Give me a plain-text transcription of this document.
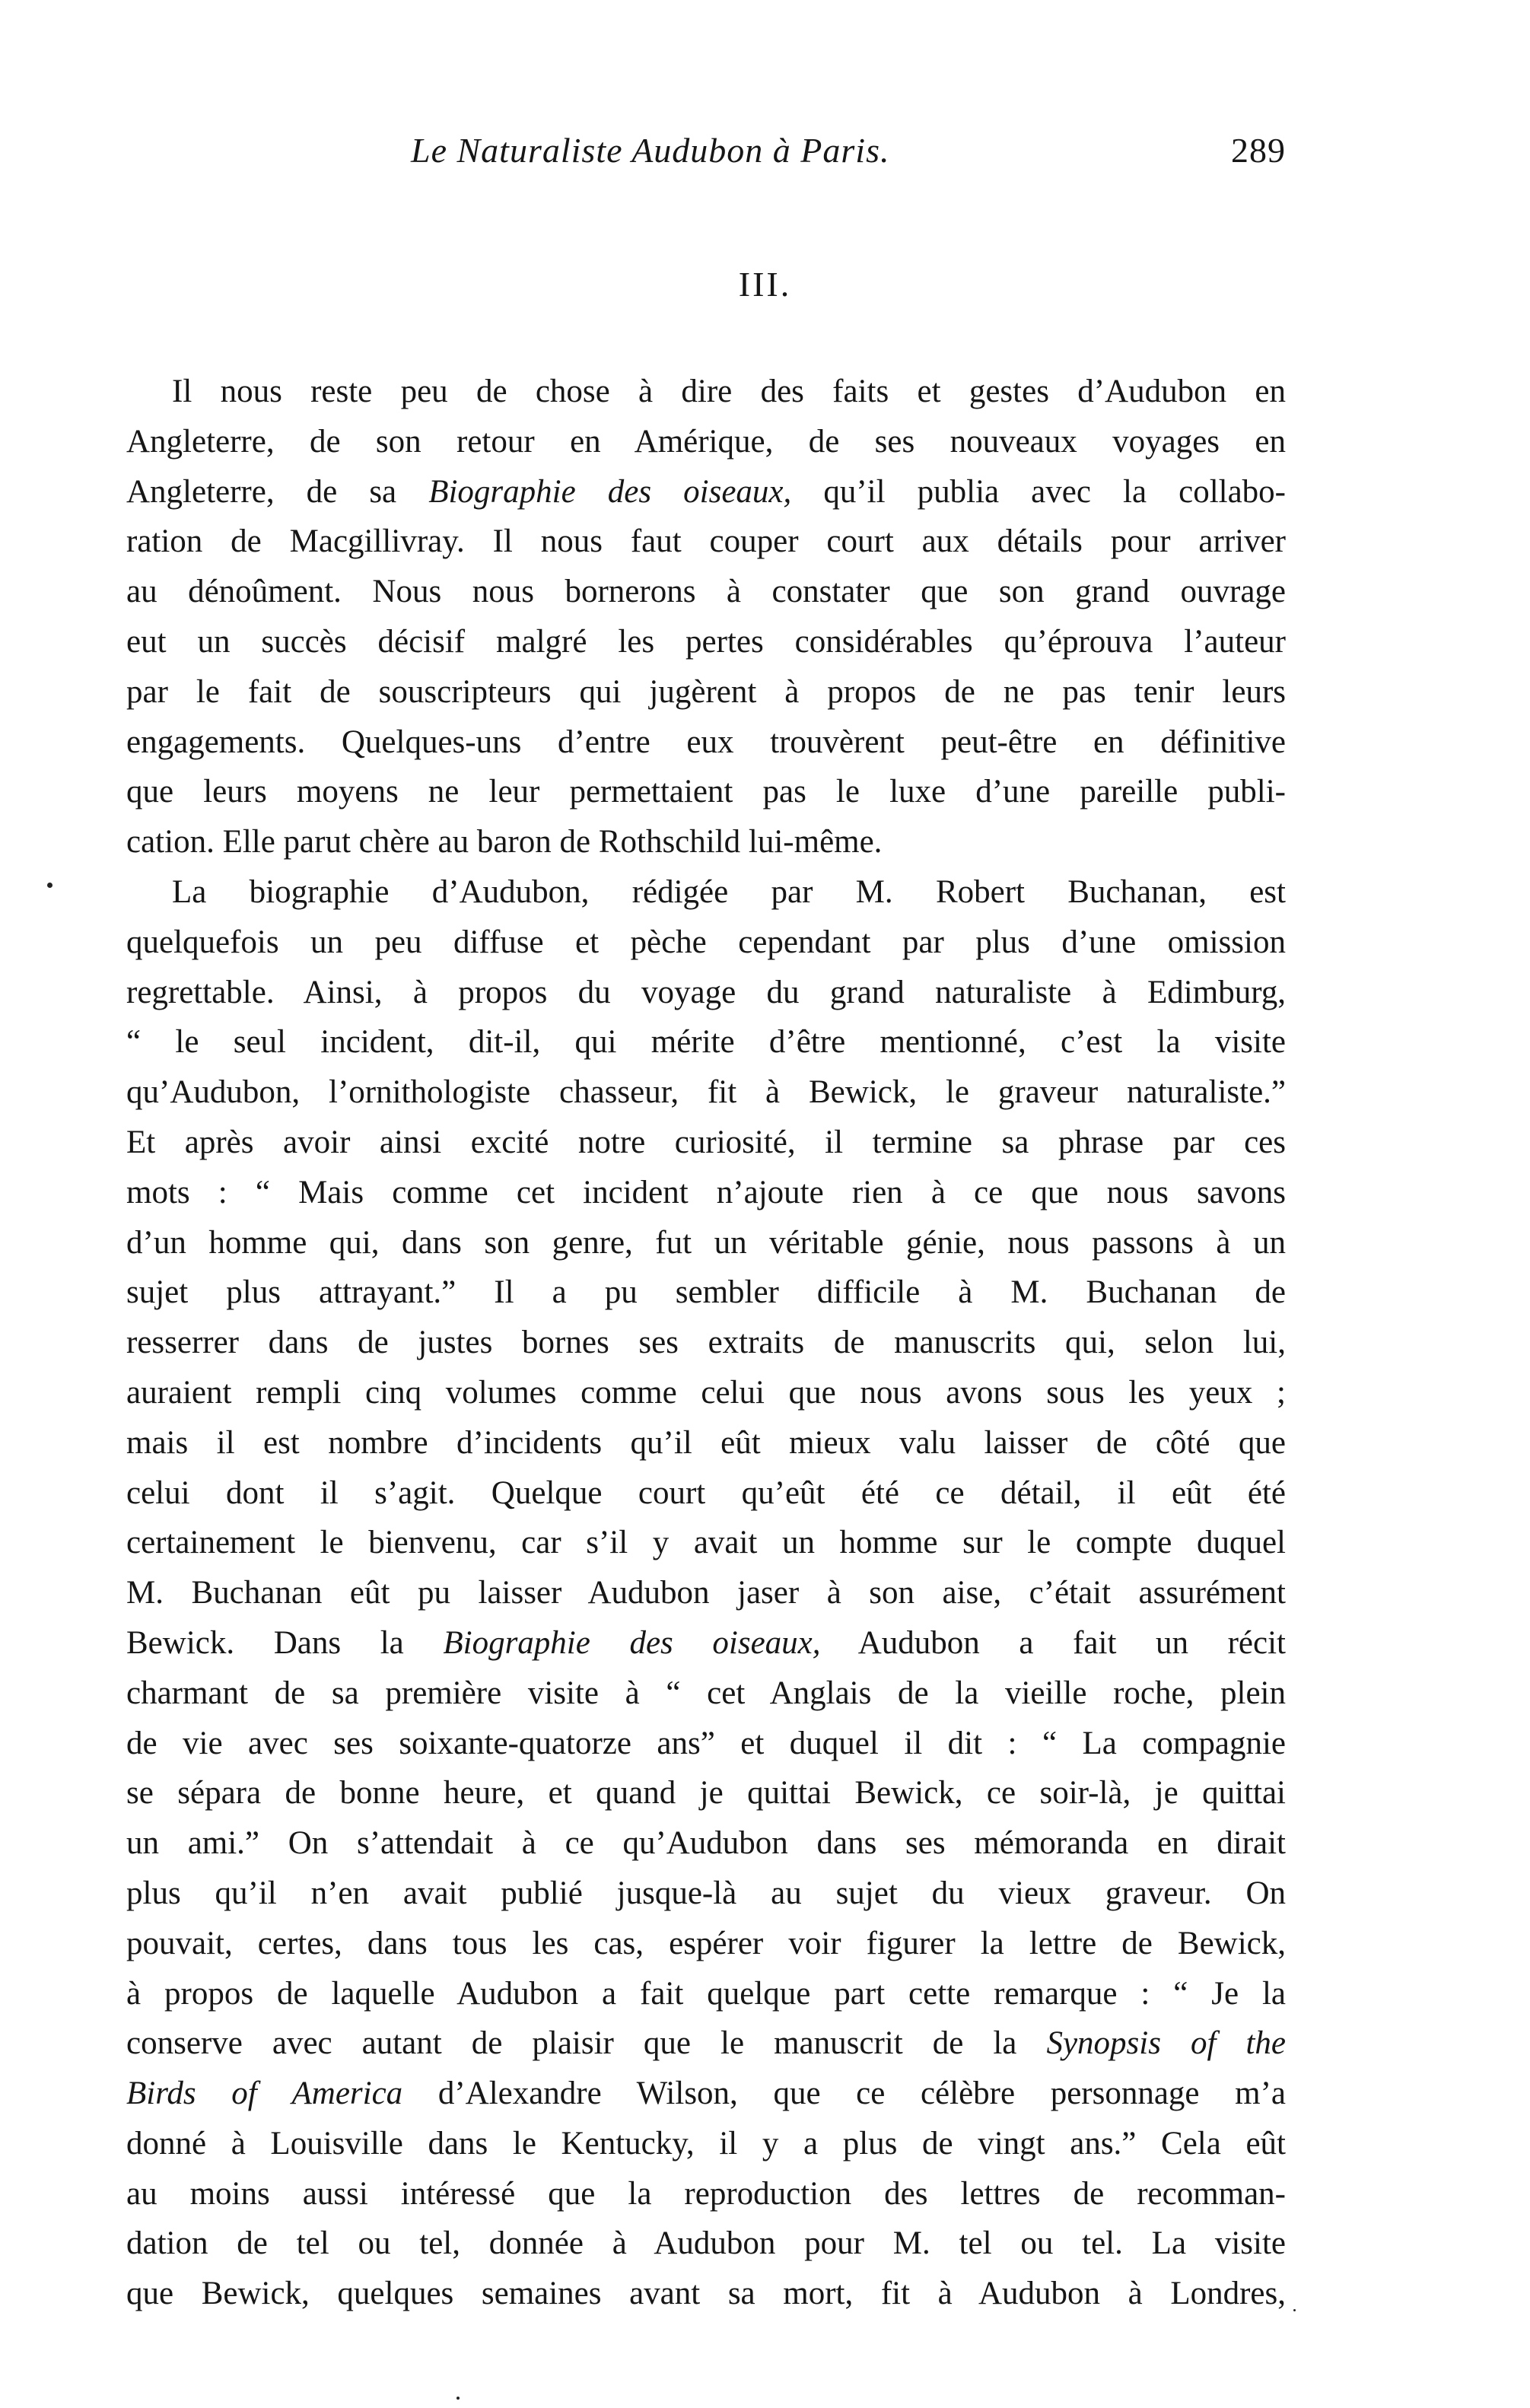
Le Naturaliste Audubon à Paris.	289
III.
Il nous reste peu de chose à dire des faits et gestes d’Audubon en
Angleterre, de son retour en Amérique, de ses nouveaux voyages en
Angleterre, de sa Biographie des oiseaux, qu’il publia avec la collabo-
ration de Macgillivray. Il nous faut couper court aux détails pour arriver
au dénoûment. Nous nous bornerons à constater que son grand ouvrage
eut un succès décisif malgré les pertes considérables qu’éprouva l’auteur
par le fait de souscripteurs qui jugèrent à propos de ne pas tenir leurs
engagements. Quelques-uns d’entre eux trouvèrent peut-être en définitive
que leurs moyens ne leur permettaient pas le luxe d’une pareille publi-
cation. Elle parut chère au baron de Rothschild lui-même.
La biographie d’Audubon, rédigée par M. Robert Buchanan, est
quelquefois un peu diffuse et pèche cependant par plus d’une omission
regrettable. Ainsi, à propos du voyage du grand naturaliste à Edimburg,
“ le seul incident, dit-il, qui mérite d’être mentionné, c’est la visite
qu’Audubon, l’ornithologiste chasseur, fit à Bewick, le graveur naturaliste.”
Et après avoir ainsi excité notre curiosité, il termine sa phrase par ces
mots : “ Mais comme cet incident n’ajoute rien à ce que nous savons
d’un homme qui, dans son genre, fut un véritable génie, nous passons à un
sujet plus attrayant.” Il a pu sembler difficile à M. Buchanan de
resserrer dans de justes bornes ses extraits de manuscrits qui, selon lui,
auraient rempli cinq volumes comme celui que nous avons sous les yeux ;
mais il est nombre d’incidents qu’il eût mieux valu laisser de côté que
celui dont il s’agit. Quelque court qu’eût été ce détail, il eût été
certainement le bienvenu, car s’il y avait un homme sur le compte duquel
M. Buchanan eût pu laisser Audubon jaser à son aise, c’était assurément
Bewick. Dans la Biographie des oiseaux, Audubon a fait un récit
charmant de sa première visite à “ cet Anglais de la vieille roche, plein
de vie avec ses soixante-quatorze ans” et duquel il dit : “ La compagnie
se sépara de bonne heure, et quand je quittai Bewick, ce soir-là, je quittai
un ami.” On s’attendait à ce qu’Audubon dans ses mémoranda en dirait
plus qu’il n’en avait publié jusque-là au sujet du vieux graveur. On
pouvait, certes, dans tous les cas, espérer voir figurer la lettre de Bewick,
à propos de laquelle Audubon a fait quelque part cette remarque : “ Je la
conserve avec autant de plaisir que le manuscrit de la Synopsis of the
Birds of America d’Alexandre Wilson, que ce célèbre personnage m’a
donné à Louisville dans le Kentucky, il y a plus de vingt ans.” Cela eût
au moins aussi intéressé que la reproduction des lettres de recomman-
dation de tel ou tel, donnée à Audubon pour M. tel ou tel. La visite
que Bewick, quelques semaines avant sa mort, fit à Audubon à Londres,
